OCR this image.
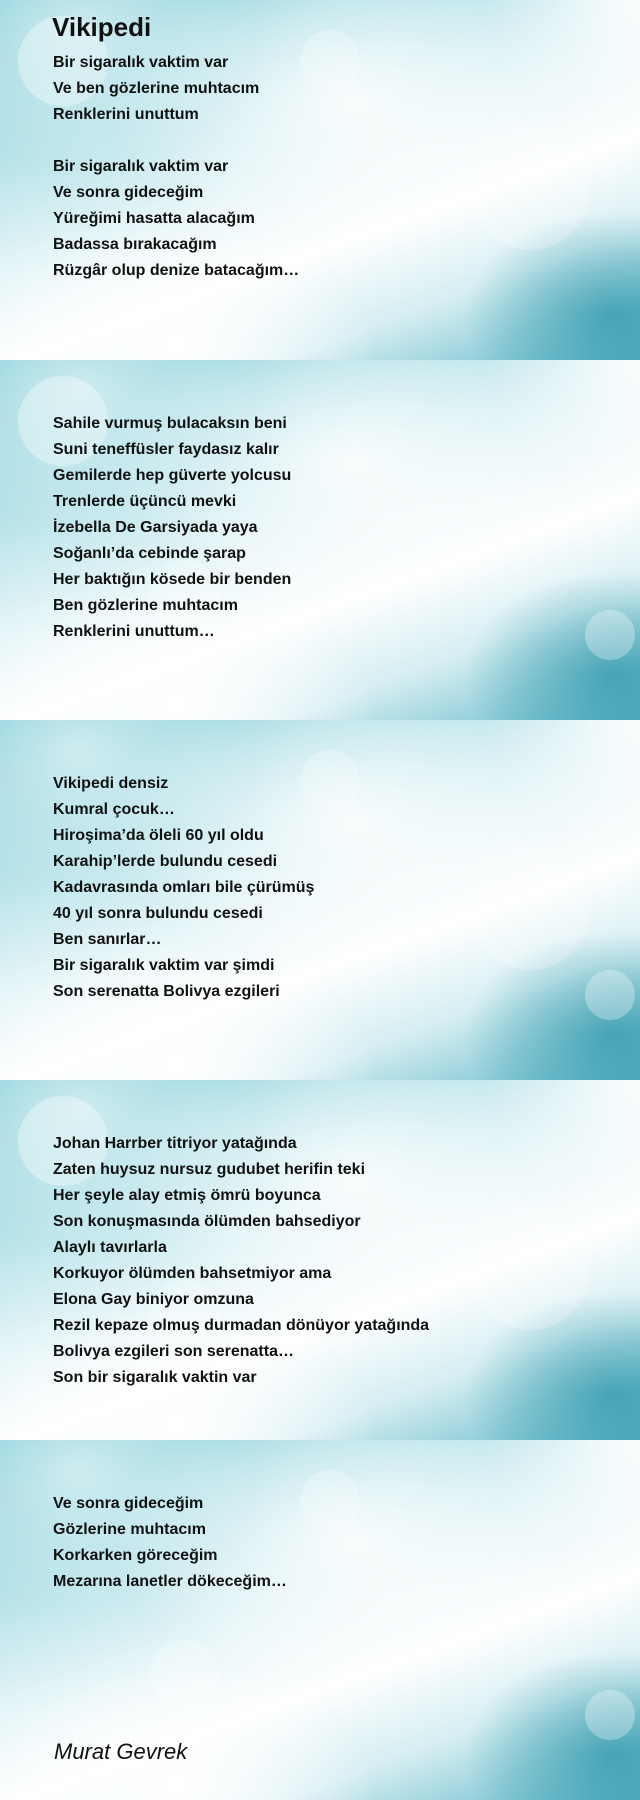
Vikipedi
Bir sigaralık vaktim var
Ve ben gözlerine muhtacım
Renklerini unuttum
Bir sigaralık vaktim var
Ve sonra gideceğim
Yüreğimi hasatta alacağım
Badassa bırakacağım
Rüzgâr olup denize batacağım…
Sahile vurmuş bulacaksın beni
Suni teneffüsler faydasız kalır
Gemilerde hep güverte yolcusu
Trenlerde üçüncü mevki
İzebella De Garsiyada yaya
Soğanlı’da cebinde şarap
Her baktığın kösede bir benden
Ben gözlerine muhtacım
Renklerini unuttum…
Vikipedi densiz
Kumral çocuk…
Hiroşima’da öleli 60 yıl oldu
Karahip’lerde bulundu cesedi
Kadavrasında omları bile çürümüş
40 yıl sonra bulundu cesedi
Ben sanırlar…
Bir sigaralık vaktim var şimdi
Son serenatta Bolivya ezgileri
Johan Harrber titriyor yatağında
Zaten huysuz nursuz gudubet herifin teki
Her şeyle alay etmiş ömrü boyunca
Son konuşmasında ölümden bahsediyor
Alaylı tavırlarla
Korkuyor ölümden bahsetmiyor ama
Elona Gay biniyor omzuna
Rezil kepaze olmuş durmadan dönüyor yatağında
Bolivya ezgileri son serenatta…
Son bir sigaralık vaktin var
Ve sonra gideceğim
Gözlerine muhtacım
Korkarken göreceğim
Mezarına lanetler dökeceğim…

Murat Gevrek
